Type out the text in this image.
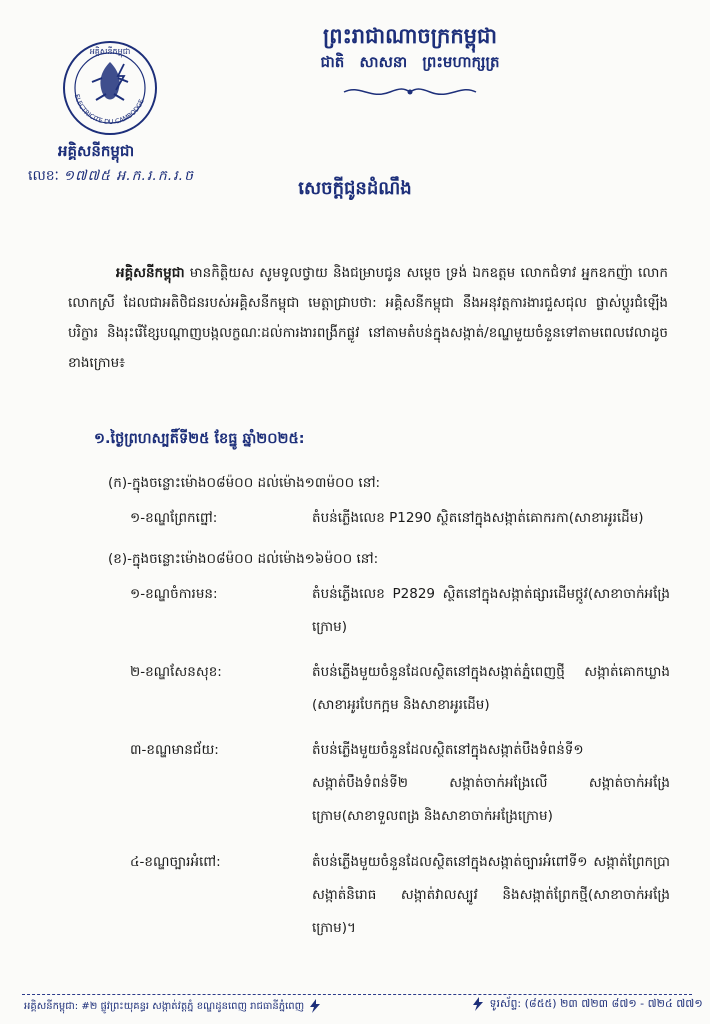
ELECTRICITE DU CAMBODGE
អគ្គិសនីកម្ពុជា
ព្រះរាជាណាចក្រកម្ពុជា
ជាតិ សាសនា ព្រះមហាក្សត្រ
អគ្គិសនីកម្ពុជា
លេខៈ ១៧៧៥ អ.ក.រ.ក.រ.ច
សេចក្តីជូនដំណឹង
អគ្គិសនីកម្ពុជា មានកិត្តិយស សូមទូលថ្វាយ និងជម្រាបជូន សម្តេច ទ្រង់ ឯកឧត្តម លោកជំទាវ អ្នកឧកញ៉ា លោក លោកស្រី ដែលជាអតិថិជនរបស់អគ្គិសនីកម្ពុជា មេត្តាជ្រាបថា: អគ្គិសនីកម្ពុជា នឹងអនុវត្តការងារជួសជុល ផ្លាស់ប្តូរជំឡើងបរិក្ខារ និងរុះរើខ្សែបណ្តាញបង្កលក្ខណៈដល់ការងារពង្រីកផ្លូវ នៅតាមតំបន់ក្នុងសង្កាត់/ខណ្ឌមួយចំនួនទៅតាមពេលវេលាដូចខាងក្រោម៖
១.ថ្ងៃព្រហស្បតិ៍ទី២៥ ខែធ្នូ ឆ្នាំ២០២៥:
(ក)-ក្នុងចន្លោះម៉ោង០៨ម៉០០ ដល់ម៉ោង១៣ម៉០០ នៅ:
១-ខណ្ឌព្រែកព្នៅ:	តំបន់ភ្លើងលេខ P1290 ស្ថិតនៅក្នុងសង្កាត់គោករកា(សាខាអូរដើម)
(ខ)-ក្នុងចន្លោះម៉ោង០៨ម៉០០ ដល់ម៉ោង១៦ម៉០០ នៅ:
១-ខណ្ឌចំការមន:	តំបន់ភ្លើងលេខ P2829 ស្ថិតនៅក្នុងសង្កាត់ផ្សារដើមថ្កូវ(សាខាចាក់អង្រែក្រោម)
២-ខណ្ឌសែនសុខ:	តំបន់ភ្លើងមួយចំនួនដែលស្ថិតនៅក្នុងសង្កាត់ភ្នំពេញថ្មី សង្កាត់គោកឃ្លាង (សាខាអូរបែកក្អម និងសាខាអូរដើម)
៣-ខណ្ឌមានជ័យ:	តំបន់ភ្លើងមួយចំនួនដែលស្ថិតនៅក្នុងសង្កាត់បឹងទំពន់ទី១ សង្កាត់បឹងទំពន់ទី២ សង្កាត់ចាក់អង្រែលើ សង្កាត់ចាក់អង្រែក្រោម(សាខាទួលពង្រ និងសាខាចាក់អង្រែក្រោម)
៤-ខណ្ឌច្បារអំពៅ:	តំបន់ភ្លើងមួយចំនួនដែលស្ថិតនៅក្នុងសង្កាត់ច្បារអំពៅទី១ សង្កាត់ព្រែកប្រា សង្កាត់និរោធ សង្កាត់វាលស្បូវ និងសង្កាត់ព្រែកថ្មី(សាខាចាក់អង្រែក្រោម)។
អគ្គិសនីកម្ពុជា: #២ ផ្លូវព្រះយុគន្ធរ សង្កាត់វត្តភ្នំ ខណ្ឌដូនពេញ រាជធានីភ្នំពេញ	ទូរស័ព្ទ: (៨៥៥) ២៣ ៧២៣ ៨៧១ - ៧២៤ ៧៧១
